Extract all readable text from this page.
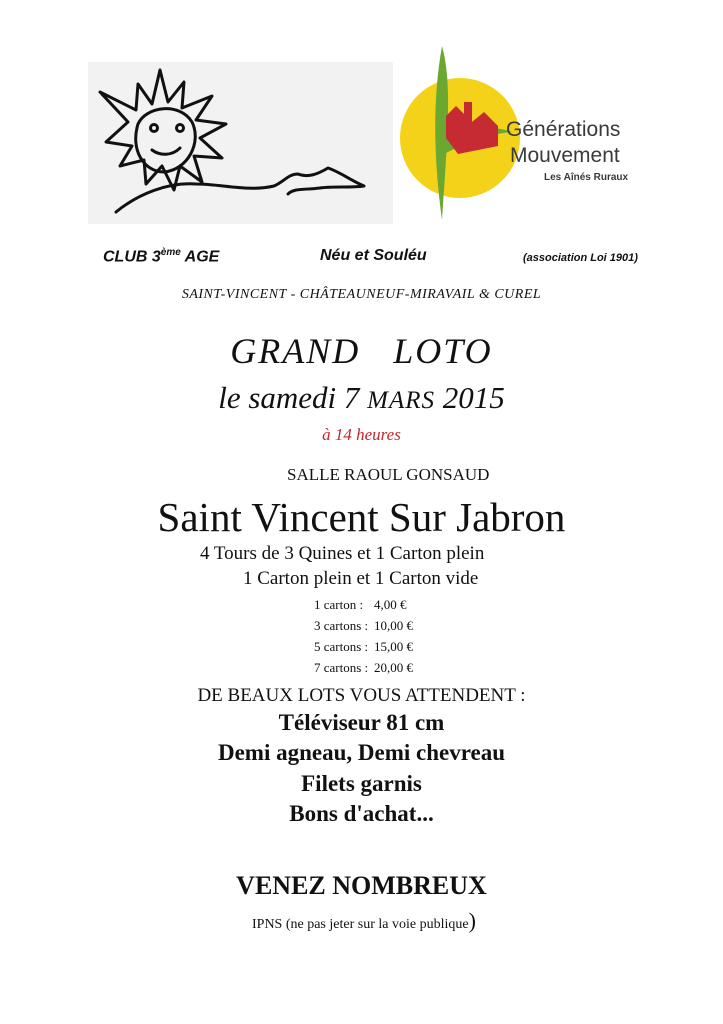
Générations
Mouvement
Les Aînés Ruraux
CLUB 3ème AGE	Néu et Souléu	(association Loi 1901)
SAINT-VINCENT - CHÂTEAUNEUF-MIRAVAIL & CUREL
GRAND   LOTO
le samedi 7 MARS 2015
à 14 heures
SALLE RAOUL GONSAUD
Saint Vincent Sur Jabron
4 Tours de 3 Quines et 1 Carton plein
1 Carton plein et 1 Carton vide
1 carton : 4,00 €
3 cartons : 10,00 €
5 cartons : 15,00 €
7 cartons : 20,00 €
DE BEAUX LOTS VOUS ATTENDENT :
Téléviseur 81 cm
Demi agneau, Demi chevreau
Filets garnis
Bons d'achat...
VENEZ NOMBREUX
IPNS (ne pas jeter sur la voie publique)
